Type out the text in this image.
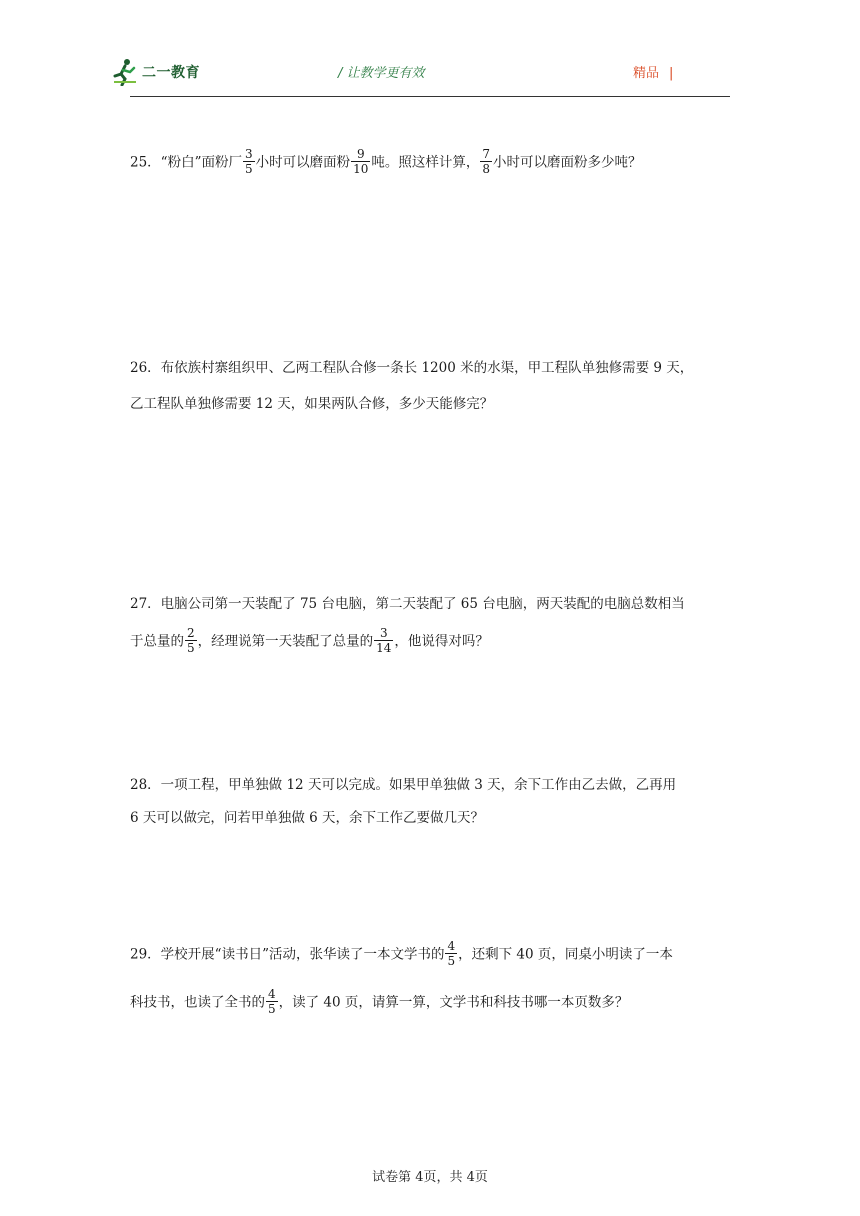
二一教育	/ 让教学更有效	精品 |
25．“粉白”面粉厂 $\frac{3}{5}$ 小时可以磨面粉 $\frac{9}{10}$ 吨。照这样计算， $\frac{7}{8}$ 小时可以磨面粉多少吨？
26．布依族村寨组织甲、乙两工程队合修一条长 1200 米的水渠，甲工程队单独修需要 9 天，
乙工程队单独修需要 12 天，如果两队合修，多少天能修完？
27．电脑公司第一天装配了 75 台电脑，第二天装配了 65 台电脑，两天装配的电脑总数相当
于总量的 $\frac{2}{5}$ ，经理说第一天装配了总量的 $\frac{3}{14}$ ，他说得对吗？
28．一项工程，甲单独做 12 天可以完成。如果甲单独做 3 天，余下工作由乙去做，乙再用
6 天可以做完，问若甲单独做 6 天，余下工作乙要做几天？
29．学校开展“读书日”活动，张华读了一本文学书的 $\frac{4}{5}$ ，还剩下 40 页，同桌小明读了一本
科技书，也读了全书的 $\frac{4}{5}$ ，读了 40 页，请算一算，文学书和科技书哪一本页数多？
试卷第 4页，共 4页
